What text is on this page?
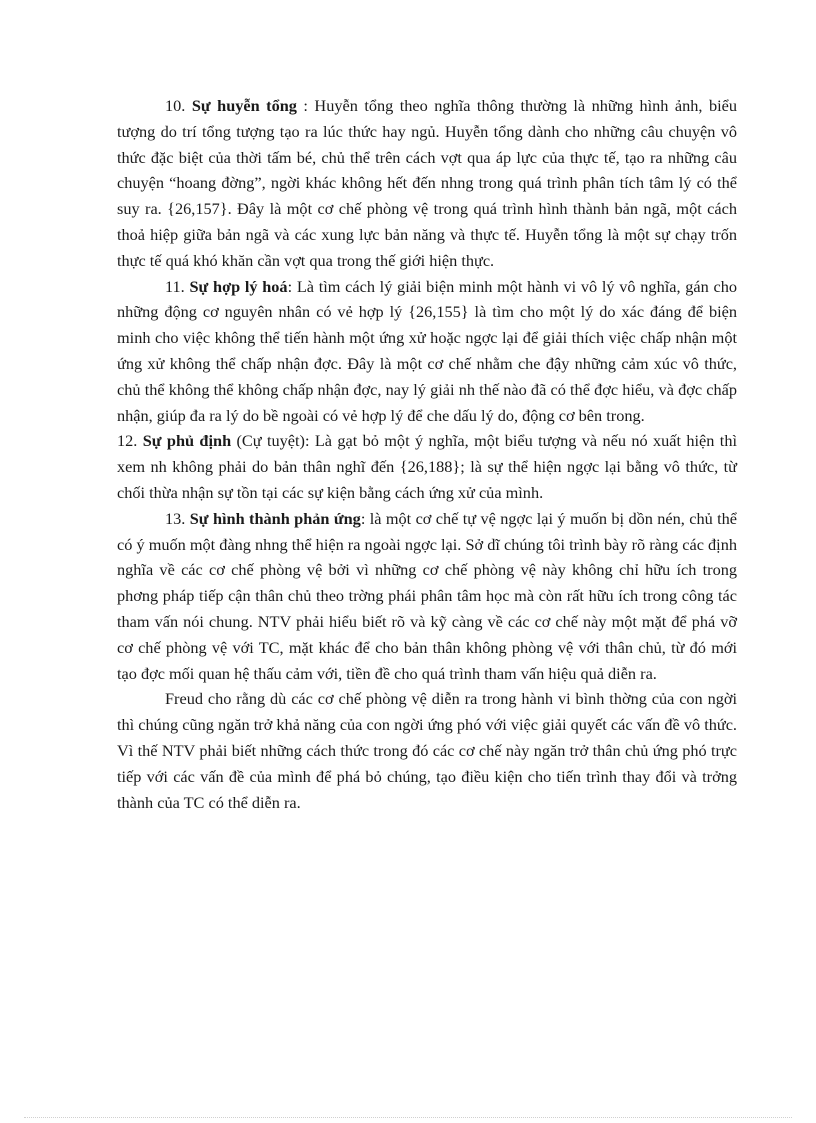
10. Sự huyễn tổng : Huyễn tổng theo nghĩa thông thường là những hình ảnh, biểu tượng do trí tổng tượng tạo ra lúc thức hay ngủ. Huyễn tổng dành cho những câu chuyện vô thức đặc biệt của thời tấm bé, chủ thể trên cách vợt qua áp lực của thực tế, tạo ra những câu chuyện “hoang đờng”, ngời khác không hết đến nhng trong quá trình phân tích tâm lý có thể suy ra. {26,157}. Đây là một cơ chế phòng vệ trong quá trình hình thành bản ngã, một cách thoả hiệp giữa bản ngã và các xung lực bản năng và thực tế. Huyễn tổng là một sự chạy trốn thực tế quá khó khăn cần vợt qua trong thế giới hiện thực.

11. Sự hợp lý hoá: Là tìm cách lý giải biện minh một hành vi vô lý vô nghĩa, gán cho những động cơ nguyên nhân có vẻ hợp lý {26,155} là tìm cho một lý do xác đáng để biện minh cho việc không thể tiến hành một ứng xử hoặc ngợc lại để giải thích việc chấp nhận một ứng xử không thể chấp nhận đợc. Đây là một cơ chế nhằm che đậy những cảm xúc vô thức, chủ thể không thể không chấp nhận đợc, nay lý giải nh thế nào đã có thể đợc hiểu, và đợc chấp nhận, giúp đa ra lý do bề ngoài có vẻ hợp lý để che dấu lý do, động cơ bên trong.

12. Sự phủ định (Cự tuyệt): Là gạt bỏ một ý nghĩa, một biểu tượng và nếu nó xuất hiện thì xem nh không phải do bản thân nghĩ đến {26,188}; là sự thể hiện ngợc lại bằng vô thức, từ chối thừa nhận sự tồn tại các sự kiện bằng cách ứng xử của mình.

13. Sự hình thành phản ứng: là một cơ chế tự vệ ngợc lại ý muốn bị dồn nén, chủ thể có ý muốn một đàng nhng thể hiện ra ngoài ngợc lại. Sở dĩ chúng tôi trình bày rõ ràng các định nghĩa về các cơ chế phòng vệ bởi vì những cơ chế phòng vệ này không chỉ hữu ích trong phơng pháp tiếp cận thân chủ theo trờng phái phân tâm học mà còn rất hữu ích trong công tác tham vấn nói chung. NTV phải hiểu biết rõ và kỹ càng về các cơ chế này một mặt để phá vỡ cơ chế phòng vệ với TC, mặt khác để cho bản thân không phòng vệ với thân chủ, từ đó mới tạo đợc mối quan hệ thấu cảm với, tiền đề cho quá trình tham vấn hiệu quả diễn ra.

Freud cho rằng dù các cơ chế phòng vệ diễn ra trong hành vi bình thờng của con ngời thì chúng cũng ngăn trở khả năng của con ngời ứng phó với việc giải quyết các vấn đề vô thức. Vì thế NTV phải biết những cách thức trong đó các cơ chế này ngăn trở thân chủ ứng phó trực tiếp với các vấn đề của mình để phá bỏ chúng, tạo điều kiện cho tiến trình thay đổi và trởng thành của TC có thể diễn ra.
